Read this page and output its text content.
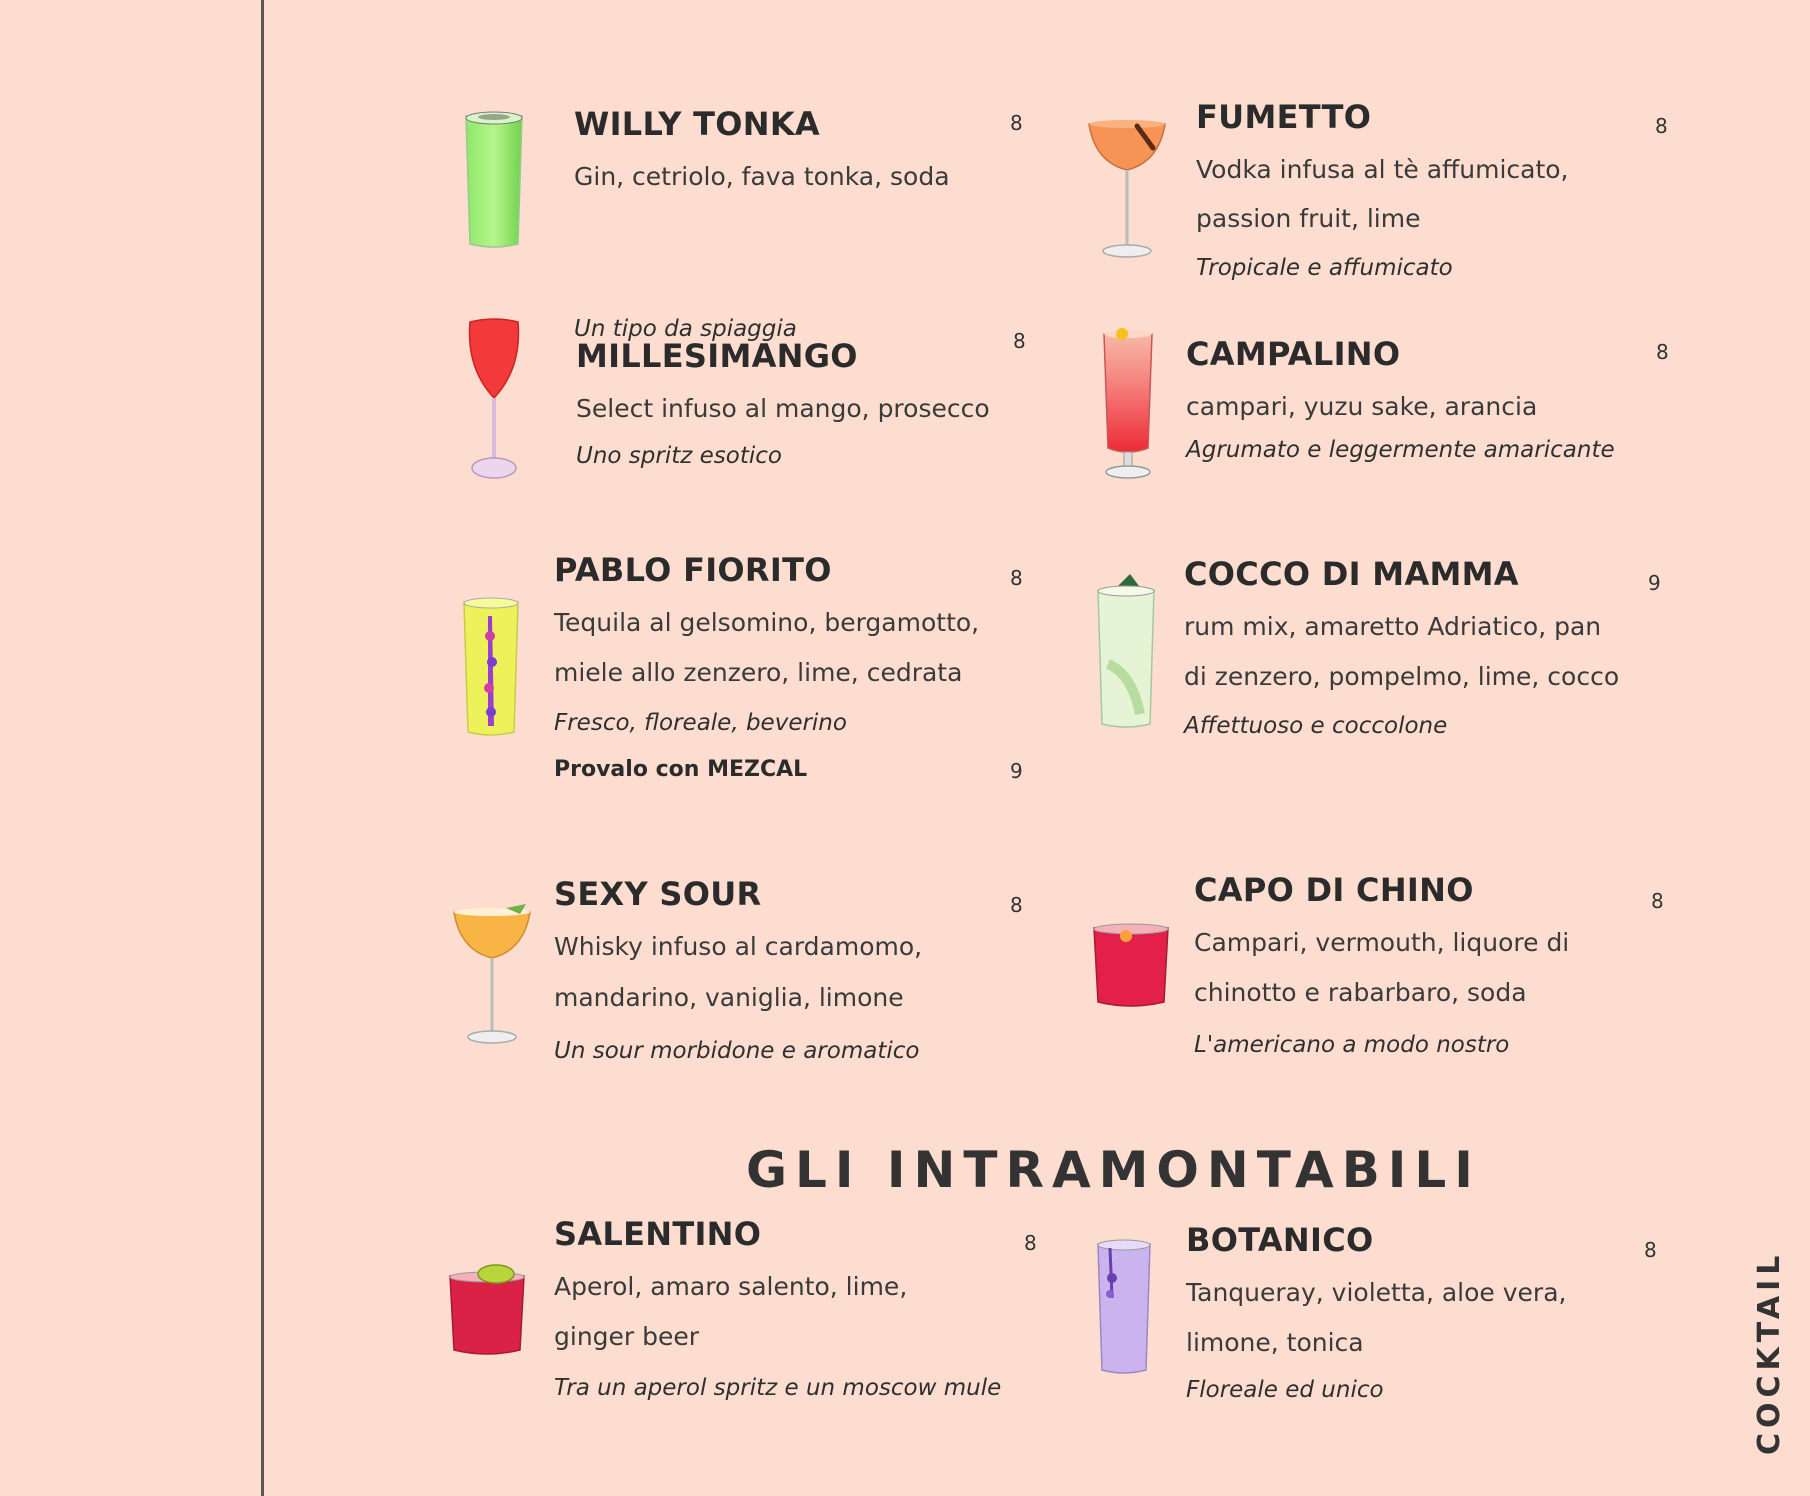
WILLY TONKA
Gin, cetriolo, fava tonka, soda
Un tipo da spiaggia
8	FUMETTO
Vodka infusa al tè affumicato,
passion fruit, lime
Tropicale e affumicato
8
MILLESIMANGO
Select infuso al mango, prosecco
Uno spritz esotico
8	CAMPALINO
campari, yuzu sake, arancia
Agrumato e leggermente amaricante
8
PABLO FIORITO
Tequila al gelsomino, bergamotto,
miele allo zenzero, lime, cedrata
Fresco, floreale, beverino
Provalo con MEZCAL
8
9
COCCO DI MAMMA
rum mix, amaretto Adriatico, pan
di zenzero, pompelmo, lime, cocco
Affettuoso e coccolone
9
SEXY SOUR
Whisky infuso al cardamomo,
mandarino, vaniglia, limone
Un sour morbidone e aromatico
8	CAPO DI CHINO
Campari, vermouth, liquore di
chinotto e rabarbaro, soda
L'americano a modo nostro
8
GLI INTRAMONTABILI
SALENTINO
Aperol, amaro salento, lime,
ginger beer
Tra un aperol spritz e un moscow mule
8	BOTANICO
Tanqueray, violetta, aloe vera,
limone, tonica
Floreale ed unico
8
COCKTAIL
